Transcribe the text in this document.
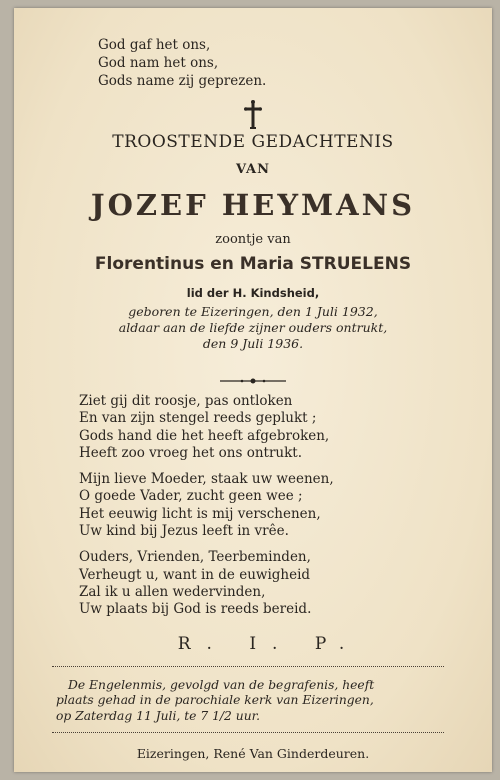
God gaf het ons,
God nam het ons,
Gods name zij geprezen.
TROOSTENDE GEDACHTENIS
VAN
JOZEF HEYMANS
zoontje van
Florentinus en Maria STRUELENS
lid der H. Kindsheid,
geboren te Eizeringen, den 1 Juli 1932,
aldaar aan de liefde zijner ouders ontrukt,
den 9 Juli 1936.
Ziet gij dit roosje, pas ontloken
En van zijn stengel reeds geplukt ;
Gods hand die het heeft afgebroken,
Heeft zoo vroeg het ons ontrukt.
Mijn lieve Moeder, staak uw weenen,
O goede Vader, zucht geen wee ;
Het eeuwig licht is mij verschenen,
Uw kind bij Jezus leeft in vrêe.
Ouders, Vrienden, Teerbeminden,
Verheugt u, want in de euwigheid
Zal ik u allen wedervinden,
Uw plaats bij God is reeds bereid.
R. I. P.
De Engelenmis, gevolgd van de begrafenis, heeft
plaats gehad in de parochiale kerk van Eizeringen,
op Zaterdag 11 Juli, te 7 1/2 uur.
Eizeringen, René Van Ginderdeuren.
